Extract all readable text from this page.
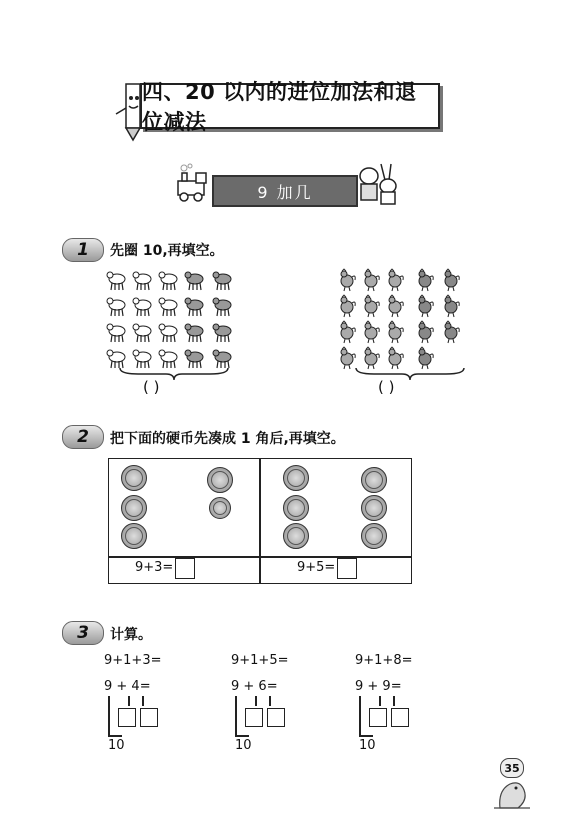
四、20 以内的进位加法和退位减法
9 加几
1	先圈 10,再填空。
( )	( )
2	把下面的硬币先凑成 1 角后,再填空。
9+3=	9+5=
3	计算。
9+1+3=
9 + 4=
10
9+1+5=
9 + 6=
10
9+1+8=
9 + 9=
10
35
